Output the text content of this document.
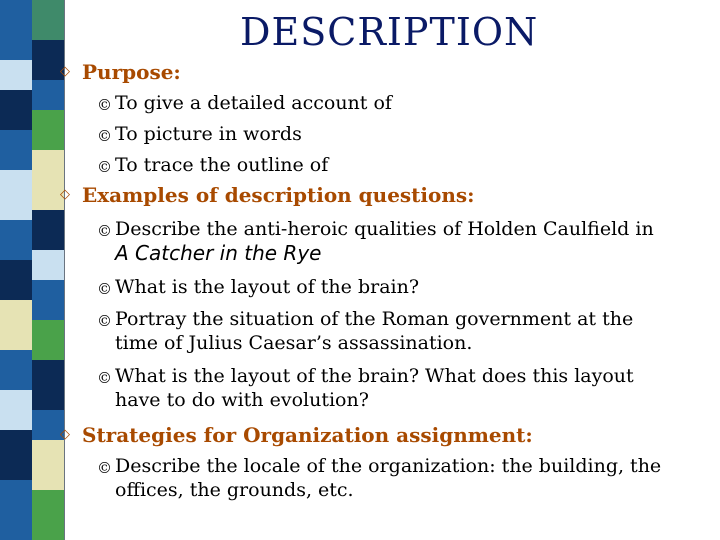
DESCRIPTION
◇ Purpose:
© To give a detailed account of
© To picture in words
© To trace the outline of
◇ Examples of description questions:
© Describe the anti-heroic qualities of Holden Caulfield in
A Catcher in the Rye
© What is the layout of the brain?
© Portray the situation of the Roman government at the
time of Julius Caesar’s assassination.
© What is the layout of the brain? What does this layout
have to do with evolution?
◇ Strategies for Organization assignment:
© Describe the locale of the organization: the building, the
offices, the grounds, etc.
